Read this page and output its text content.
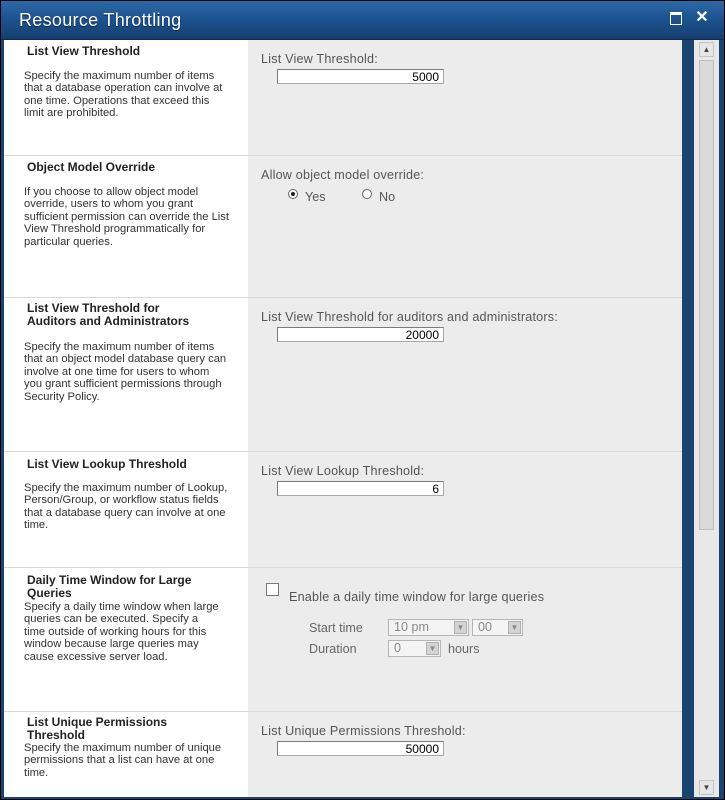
Resource Throttling	✕
List View Threshold
Specify the maximum number of items that a database operation can involve at one time. Operations that exceed this limit are prohibited.
List View Threshold:
5000
Object Model Override
If you choose to allow object model override, users to whom you grant sufficient permission can override the List View Threshold programmatically for particular queries.
Allow object model override:
Yes	No
List View Threshold for Auditors and Administrators
Specify the maximum number of items that an object model database query can involve at one time for users to whom you grant sufficient permissions through Security Policy.
List View Threshold for auditors and administrators:
20000
List View Lookup Threshold
Specify the maximum number of Lookup, Person/Group, or workflow status fields that a database query can involve at one time.
List View Lookup Threshold:
6
Daily Time Window for Large Queries
Specify a daily time window when large queries can be executed. Specify a time outside of working hours for this window because large queries may cause excessive server load.
Enable a daily time window for large queries
Start time	10 pm	▼	00	▼
Duration	0	▼ hours
List Unique Permissions Threshold
Specify the maximum number of unique permissions that a list can have at one time.
List Unique Permissions Threshold:
50000
▲
▼
